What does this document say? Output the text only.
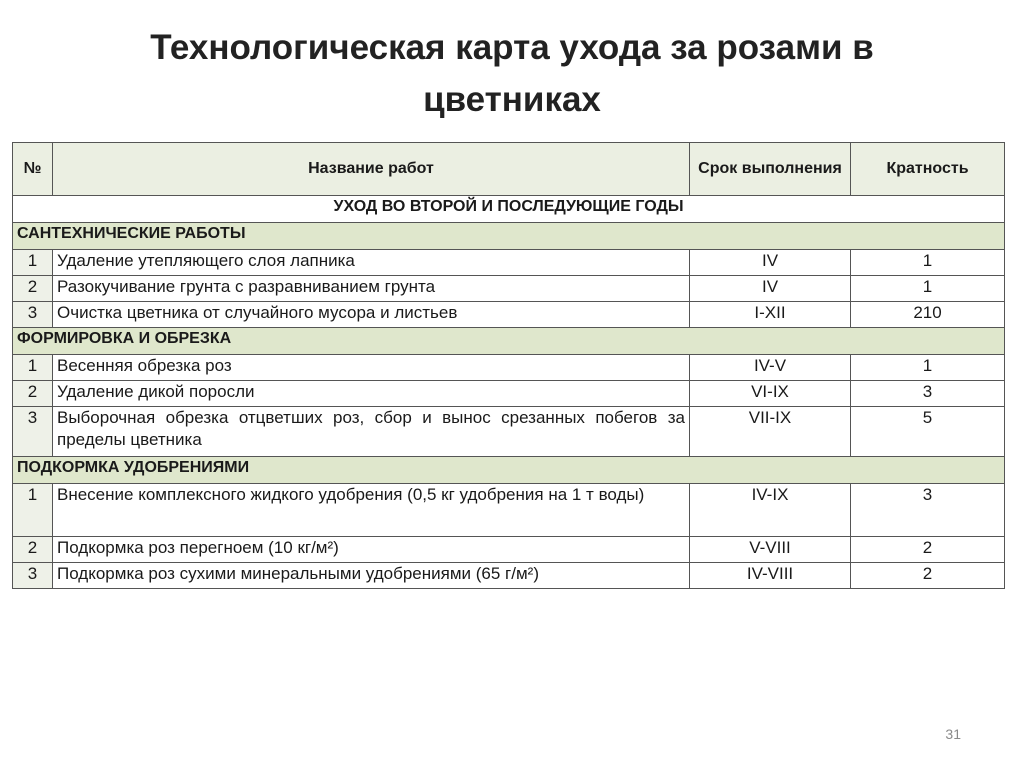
Технологическая карта ухода за розами в цветниках
№	Название работ	Срок выполнения	Кратность
УХОД ВО ВТОРОЙ И ПОСЛЕДУЮЩИЕ ГОДЫ			
САНТЕХНИЧЕСКИЕ РАБОТЫ			
1	Удаление утепляющего слоя лапника	IV	1
2	Разокучивание грунта с разравниванием грунта	IV	1
3	Очистка цветника от случайного мусора и листьев	I-XII	210
ФОРМИРОВКА И ОБРЕЗКА			
1	Весенняя обрезка роз	IV-V	1
2	Удаление дикой поросли	VI-IX	3
3	Выборочная обрезка отцветших роз, сбор и вынос срезанных побегов за пределы цветника	VII-IX	5
ПОДКОРМКА УДОБРЕНИЯМИ			
1	Внесение комплексного жидкого удобрения (0,5 кг удобрения на 1 т воды)	IV-IX	3
2	Подкормка роз перегноем (10 кг/м²)	V-VIII	2
3	Подкормка роз сухими минеральными удобрениями (65 г/м²)	IV-VIII	2
31
